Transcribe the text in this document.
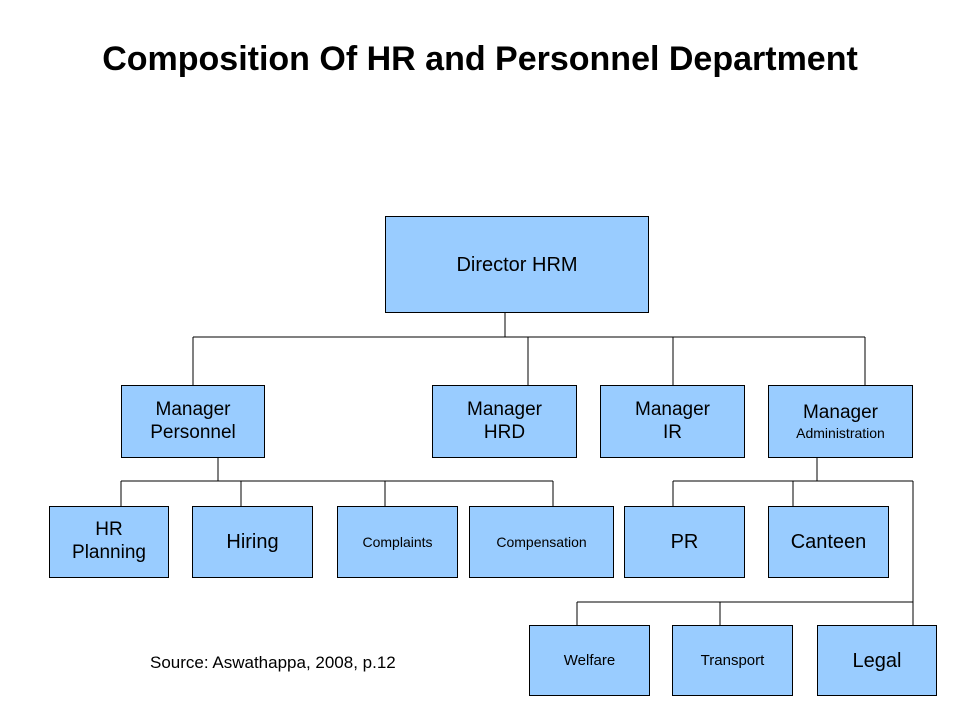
Composition Of HR and Personnel Department
Director HRM
Manager
Personnel
Manager
HRD
Manager
IR
Manager
Administration
HR
Planning	Hiring	Complaints	Compensation	PR	Canteen
Welfare	Transport	Legal
Source: Aswathappa, 2008, p.12
